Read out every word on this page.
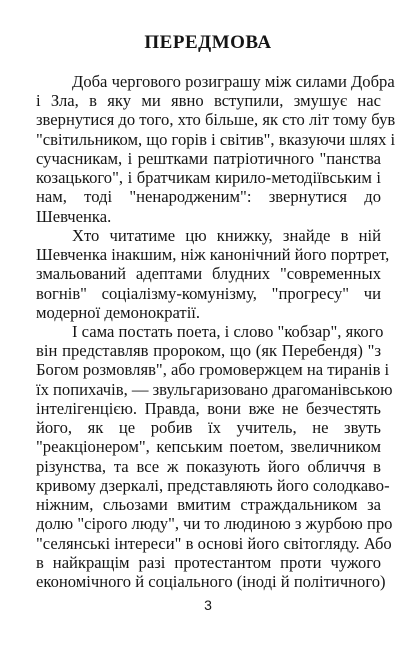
ПЕРЕДМОВА
Доба чергового розиграшу між силами Добра
і Зла, в яку ми явно вступили, змушує нас
звернутися до того, хто більше, як сто літ тому був
"світильником, що горів і світив", вказуючи шлях і
сучасникам, і рештками патріотичного "панства
козацького", і братчикам кирило-методіївським і
нам, тоді "ненародженим": звернутися до
Шевченка.
Хто читатиме цю книжку, знайде в ній
Шевченка інакшим, ніж канонічний його портрет,
змальований адептами блудних "современных
вогнів" соціалізму-комунізму, "прогресу" чи
модерної демонократії.
І сама постать поета, і слово "кобзар", якого
він представляв пророком, що (як Перебендя) "з
Богом розмовляв", або громовержцем на тиранів і
їх попихачів, — звульгаризовано драгоманівською
інтелігенцією. Правда, вони вже не безчестять
його, як це робив їх учитель, не звуть
"реакціонером", кепським поетом, звеличником
різунства, та все ж показують його обличчя в
кривому дзеркалі, представляють його солодкаво-
ніжним, сльозами вмитим страждальником за
долю "сірого люду", чи то людиною з журбою про
"селянські інтереси" в основі його світогляду. Або
в найкращім разі протестантом проти чужого
економічного й соціального (іноді й політичного)
3
